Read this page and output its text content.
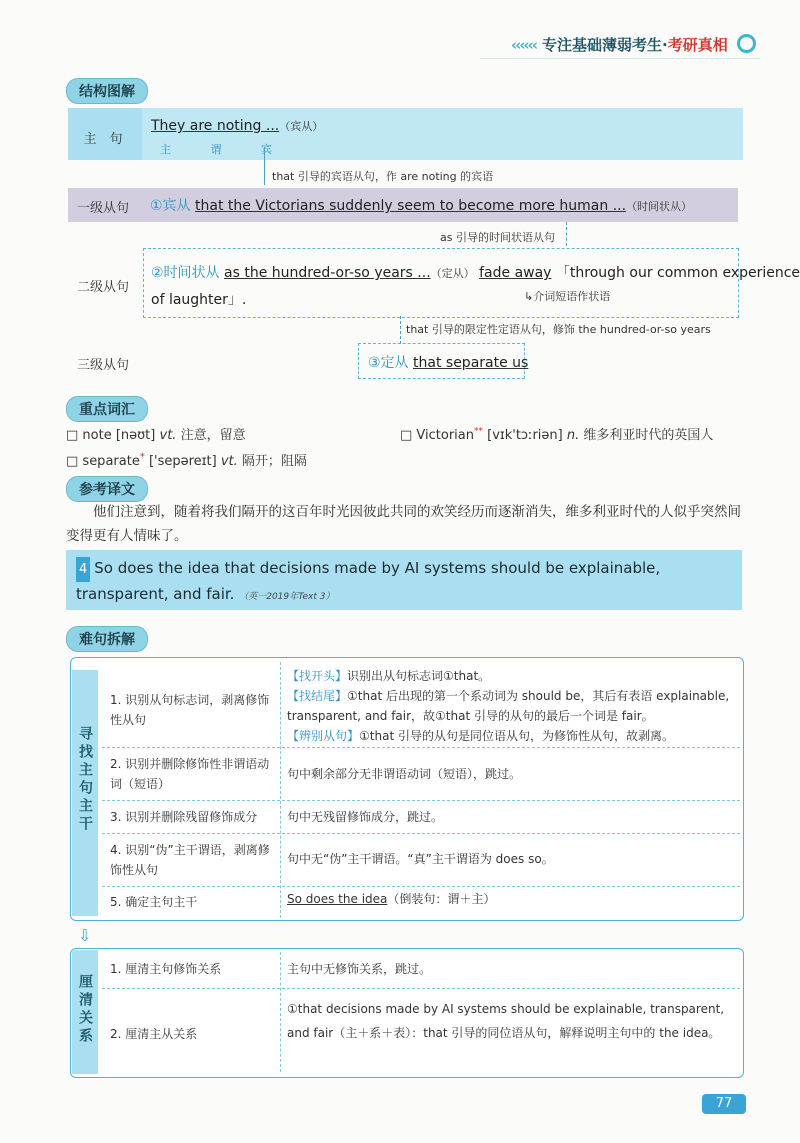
‹‹‹‹‹‹ 专注基础薄弱考生·考研真相
结构图解
主　句
They are noting ...（宾从）
主	谓	宾
that 引导的宾语从句，作 are noting 的宾语
一级从句	①宾从 that the Victorians suddenly seem to become more human ...（时间状从）
as 引导的时间状语从句
二级从句
②时间状从 as the hundred-or-so years ...（定从） fade away 「through our common experience
of laughter」.	↳介词短语作状语
that 引导的限定性定语从句，修饰 the hundred-or-so years
三级从句	③定从 that separate us
重点词汇
□ note [nəʊt] vt. 注意，留意	□ Victorian** [vɪk'tɔːriən] n. 维多利亚时代的英国人
□ separate* ['sepəreɪt] vt. 隔开；阻隔
参考译文
他们注意到，随着将我们隔开的这百年时光因彼此共同的欢笑经历而逐渐消失，维多利亚时代的人似乎突然间变得更有人情味了。
4 So does the idea that decisions made by AI systems should be explainable, transparent, and fair. （英一2019年Text 3）
难句拆解
寻找主句主干
1. 识别从句标志词，剥离修饰性从句
【找开头】识别出从句标志词①that。
【找结尾】①that 后出现的第一个系动词为 should be，其后有表语 explainable, transparent, and fair，故①that 引导的从句的最后一个词是 fair。
【辨别从句】①that 引导的从句是同位语从句，为修饰性从句，故剥离。
2. 识别并删除修饰性非谓语动词（短语）
句中剩余部分无非谓语动词（短语），跳过。
3. 识别并删除残留修饰成分	句中无残留修饰成分，跳过。
4. 识别“伪”主干谓语，剥离修饰性从句
句中无“伪”主干谓语。“真”主干谓语为 does so。
5. 确定主句主干	So does the idea（倒装句：谓＋主）
⇩
厘清关系
1. 厘清主句修饰关系	主句中无修饰关系，跳过。
2. 厘清主从关系
①that decisions made by AI systems should be explainable, transparent, and fair（主＋系＋表）：that 引导的同位语从句，解释说明主句中的 the idea。
77
